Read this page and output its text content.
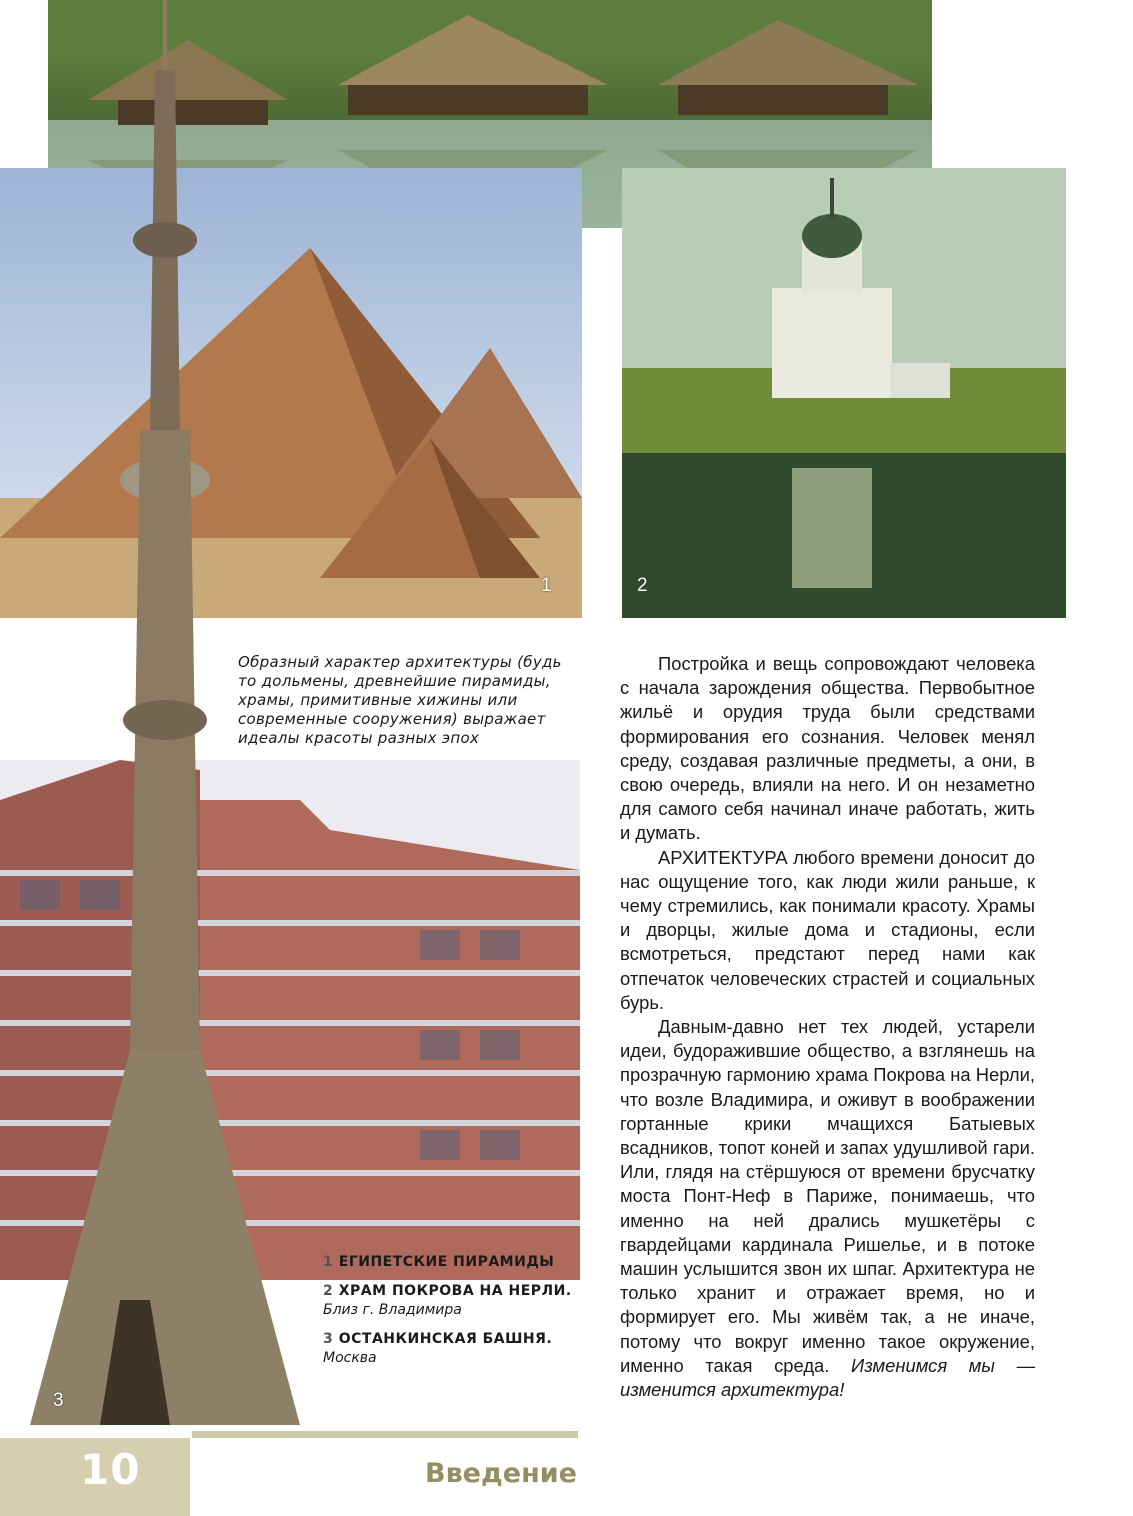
1	2
3
Образный характер архитектуры (будь то дольмены, древнейшие пирамиды, храмы, примитивные хижины или современные сооружения) выражает идеалы красоты разных эпох

Постройка и вещь сопровождают человека с начала зарождения общества. Первобытное жильё и орудия труда были средствами формирования его сознания. Человек менял среду, создавая различные предметы, а они, в свою очередь, влияли на него. И он незаметно для самого себя начинал иначе работать, жить и думать.

АРХИТЕКТУРА любого времени доносит до нас ощущение того, как люди жили раньше, к чему стремились, как понимали красоту. Храмы и дворцы, жилые дома и стадионы, если всмотреться, предстают перед нами как отпечаток человеческих страстей и социальных бурь.

Давным-давно нет тех людей, устарели идеи, будоражившие общество, а взглянешь на прозрачную гармонию храма Покрова на Нерли, что возле Владимира, и оживут в воображении гортанные крики мчащихся Батыевых всадников, топот коней и запах удушливой гари. Или, глядя на стёршуюся от времени брусчатку моста Понт-Неф в Париже, понимаешь, что именно на ней дрались мушкетёры с гвардейцами кардинала Ришелье, и в потоке машин услышится звон их шпаг. Архитектура не только хранит и отражает время, но и формирует его. Мы живём так, а не иначе, потому что вокруг именно такое окружение, именно такая среда. Изменимся мы — изменится архитектура!

1 ЕГИПЕТСКИЕ ПИРАМИДЫ
2 ХРАМ ПОКРОВА НА НЕРЛИ.
Близ г. Владимира
3 ОСТАНКИНСКАЯ БАШНЯ.
Москва
10	Введение
